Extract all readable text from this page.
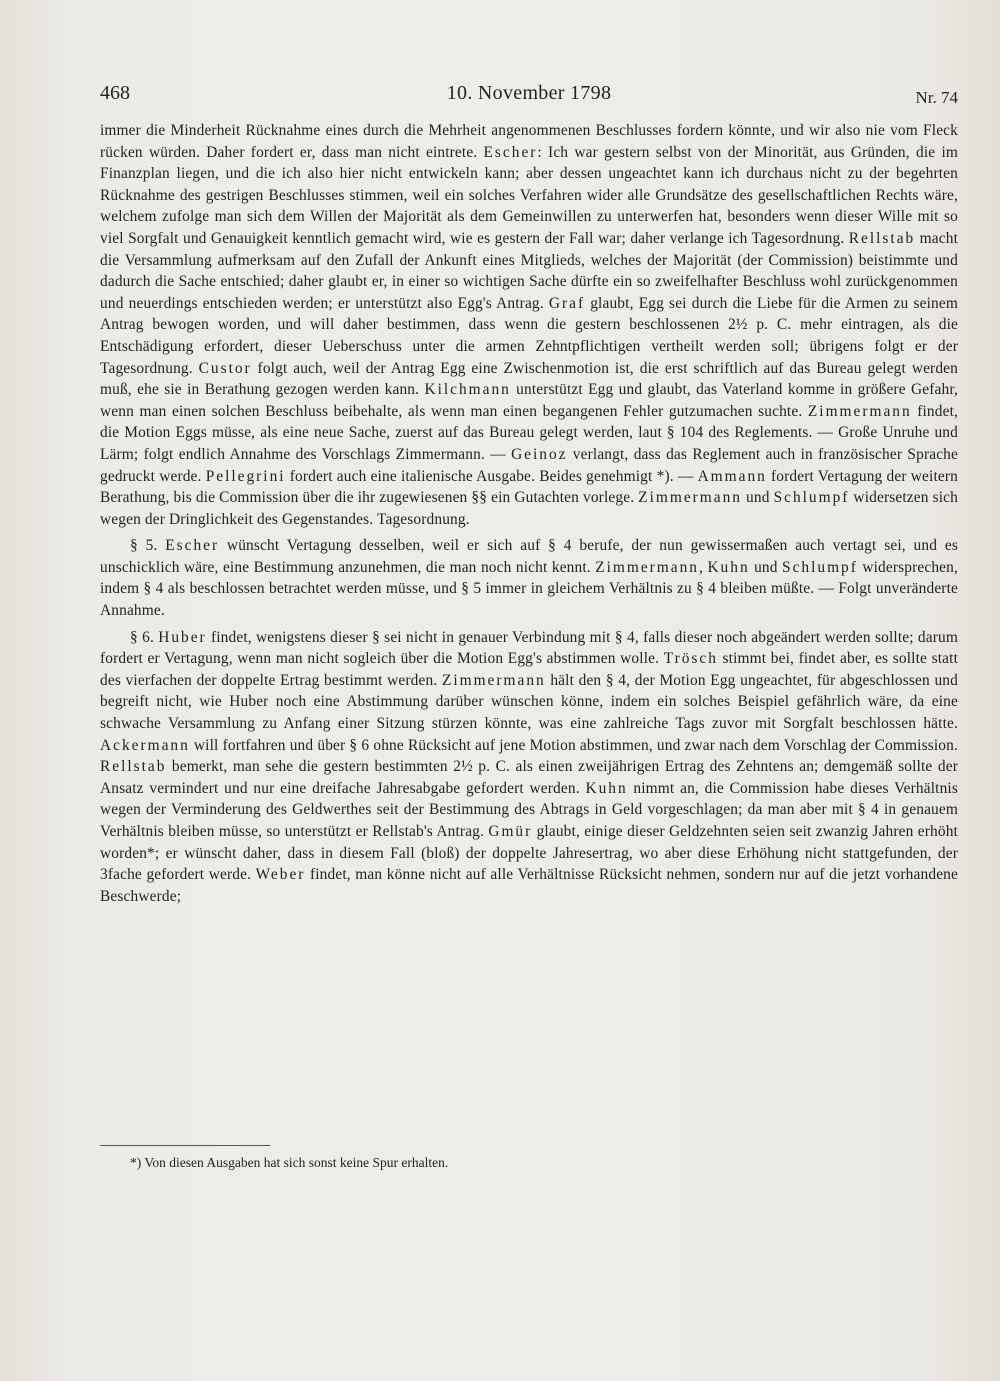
468	10. November 1798	Nr. 74

immer die Minderheit Rücknahme eines durch die Mehrheit angenommenen Beschlusses fordern könnte, und wir also nie vom Fleck rücken würden. Daher fordert er, dass man nicht eintrete. Escher: Ich war gestern selbst von der Minorität, aus Gründen, die im Finanzplan liegen, und die ich also hier nicht entwickeln kann; aber dessen ungeachtet kann ich durchaus nicht zu der begehrten Rücknahme des gestrigen Beschlusses stimmen, weil ein solches Verfahren wider alle Grundsätze des gesellschaftlichen Rechts wäre, welchem zufolge man sich dem Willen der Majorität als dem Gemeinwillen zu unterwerfen hat, besonders wenn dieser Wille mit so viel Sorgfalt und Genauigkeit kenntlich gemacht wird, wie es gestern der Fall war; daher verlange ich Tagesordnung. Rellstab macht die Versammlung aufmerksam auf den Zufall der Ankunft eines Mitglieds, welches der Majorität (der Commission) beistimmte und dadurch die Sache entschied; daher glaubt er, in einer so wichtigen Sache dürfte ein so zweifelhafter Beschluss wohl zurückgenommen und neuerdings entschieden werden; er unterstützt also Egg's Antrag. Graf glaubt, Egg sei durch die Liebe für die Armen zu seinem Antrag bewogen worden, und will daher bestimmen, dass wenn die gestern beschlossenen 2½ p. C. mehr eintragen, als die Entschädigung erfordert, dieser Ueberschuss unter die armen Zehntpflichtigen vertheilt werden soll; übrigens folgt er der Tagesordnung. Custor folgt auch, weil der Antrag Egg eine Zwischenmotion ist, die erst schriftlich auf das Bureau gelegt werden muß, ehe sie in Berathung gezogen werden kann. Kilchmann unterstützt Egg und glaubt, das Vaterland komme in größere Gefahr, wenn man einen solchen Beschluss beibehalte, als wenn man einen begangenen Fehler gutzumachen suchte. Zimmermann findet, die Motion Eggs müsse, als eine neue Sache, zuerst auf das Bureau gelegt werden, laut § 104 des Reglements. — Große Unruhe und Lärm; folgt endlich Annahme des Vorschlags Zimmermann. — Geinoz verlangt, dass das Reglement auch in französischer Sprache gedruckt werde. Pellegrini fordert auch eine italienische Ausgabe. Beides genehmigt *). — Ammann fordert Vertagung der weitern Berathung, bis die Commission über die ihr zugewiesenen §§ ein Gutachten vorlege. Zimmermann und Schlumpf widersetzen sich wegen der Dringlichkeit des Gegenstandes. Tagesordnung.

§ 5. Escher wünscht Vertagung desselben, weil er sich auf § 4 berufe, der nun gewissermaßen auch vertagt sei, und es unschicklich wäre, eine Bestimmung anzunehmen, die man noch nicht kennt. Zimmermann, Kuhn und Schlumpf widersprechen, indem § 4 als beschlossen betrachtet werden müsse, und § 5 immer in gleichem Verhältnis zu § 4 bleiben müßte. — Folgt unveränderte Annahme.

§ 6. Huber findet, wenigstens dieser § sei nicht in genauer Verbindung mit § 4, falls dieser noch abgeändert werden sollte; darum fordert er Vertagung, wenn man nicht sogleich über die Motion Egg's abstimmen wolle. Trösch stimmt bei, findet aber, es sollte statt des vierfachen der doppelte Ertrag bestimmt werden. Zimmermann hält den § 4, der Motion Egg ungeachtet, für abgeschlossen und begreift nicht, wie Huber noch eine Abstimmung darüber wünschen könne, indem ein solches Beispiel gefährlich wäre, da eine schwache Versammlung zu Anfang einer Sitzung stürzen könnte, was eine zahlreiche Tags zuvor mit Sorgfalt beschlossen hätte. Ackermann will fortfahren und über § 6 ohne Rücksicht auf jene Motion abstimmen, und zwar nach dem Vorschlag der Commission. Rellstab bemerkt, man sehe die gestern bestimmten 2½ p. C. als einen zweijährigen Ertrag des Zehntens an; demgemäß sollte der Ansatz vermindert und nur eine dreifache Jahresabgabe gefordert werden. Kuhn nimmt an, die Commission habe dieses Verhältnis wegen der Verminderung des Geldwerthes seit der Bestimmung des Abtrags in Geld vorgeschlagen; da man aber mit § 4 in genauem Verhältnis bleiben müsse, so unterstützt er Rellstab's Antrag. Gmür glaubt, einige dieser Geldzehnten seien seit zwanzig Jahren erhöht worden*; er wünscht daher, dass in diesem Fall (bloß) der doppelte Jahresertrag, wo aber diese Erhöhung nicht stattgefunden, der 3fache gefordert werde. Weber findet, man könne nicht auf alle Verhältnisse Rücksicht nehmen, sondern nur auf die jetzt vorhandene Beschwerde;

*) Von diesen Ausgaben hat sich sonst keine Spur erhalten.
